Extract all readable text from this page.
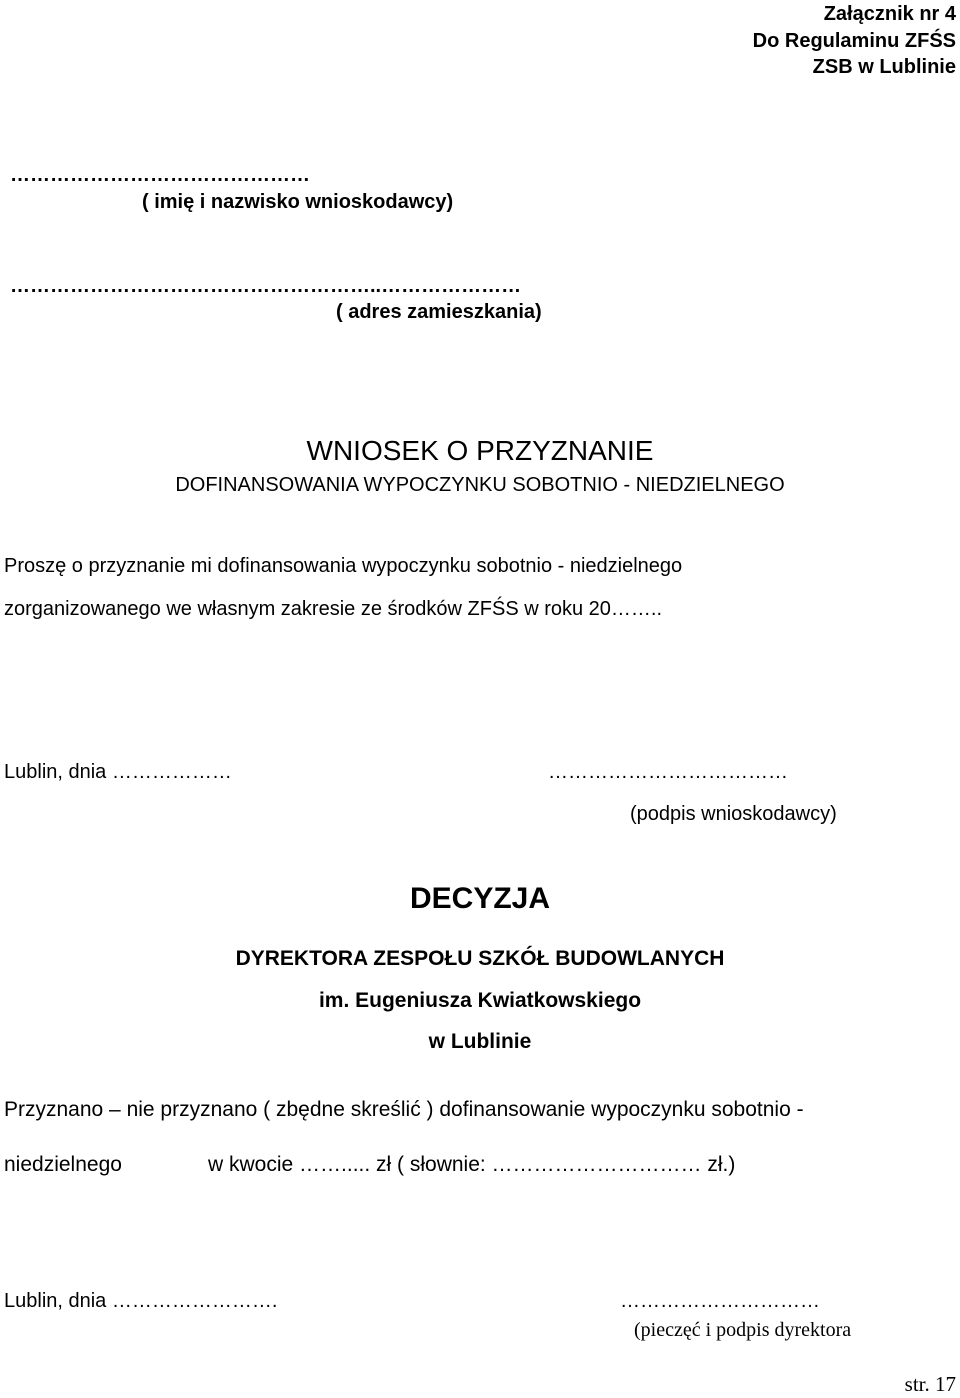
Załącznik nr 4
Do Regulaminu ZFŚS
ZSB w Lublinie
………………………………………
( imię i nazwisko wnioskodawcy)
………………………………………………..…………………
( adres zamieszkania)
WNIOSEK O PRZYZNANIE
DOFINANSOWANIA WYPOCZYNKU SOBOTNIO - NIEDZIELNEGO
Proszę o przyznanie mi dofinansowania wypoczynku sobotnio - niedzielnego
zorganizowanego we własnym zakresie ze środków ZFŚS w roku 20……..
Lublin, dnia ………………	………………………………
(podpis wnioskodawcy)
DECYZJA
DYREKTORA ZESPOŁU SZKÓŁ BUDOWLANYCH
im. Eugeniusza Kwiatkowskiego
w Lublinie
Przyznano – nie przyznano ( zbędne skreślić ) dofinansowanie wypoczynku sobotnio -
niedzielnego	w kwocie ……..... zł ( słownie: ………………………… zł.)
Lublin, dnia …………………….	…………………………
(pieczęć i podpis dyrektora
str. 17
